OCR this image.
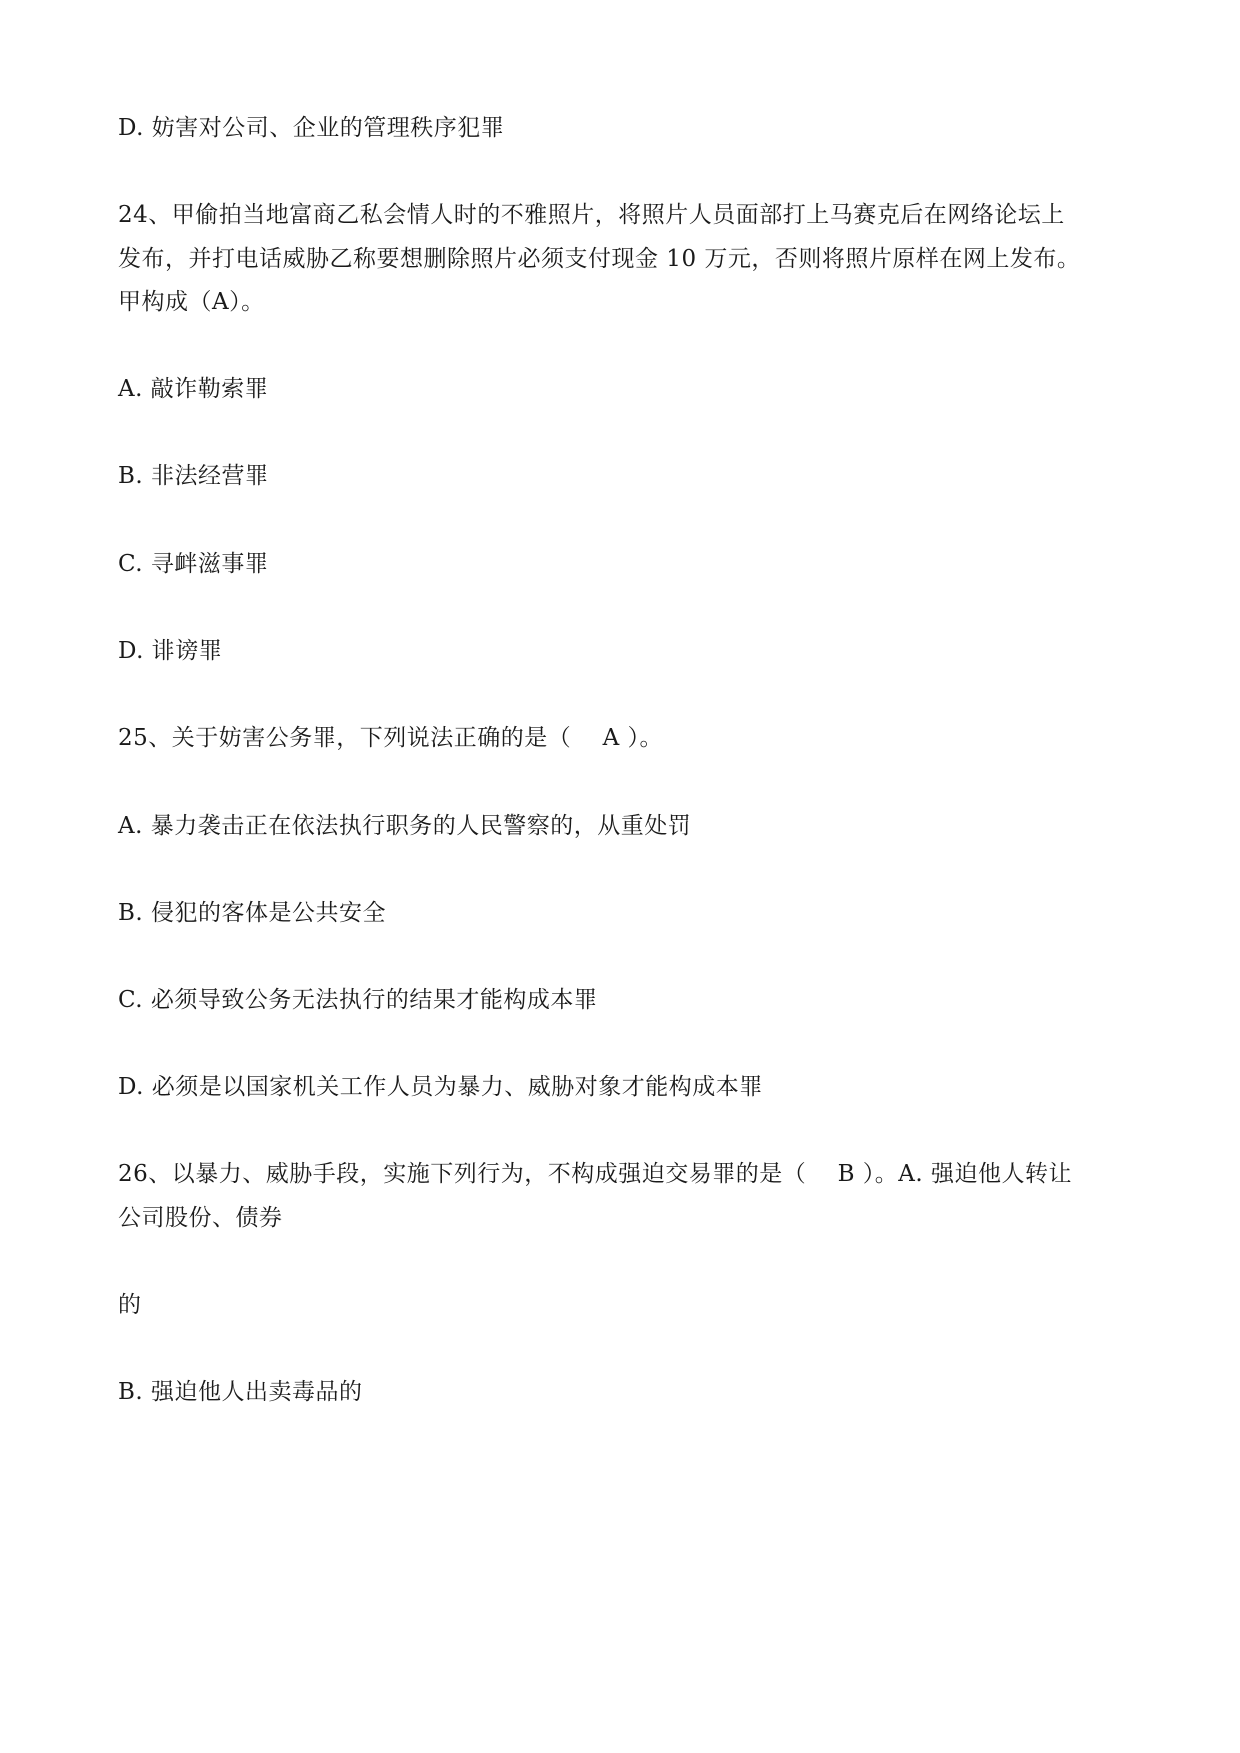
D. 妨害对公司、企业的管理秩序犯罪
24、甲偷拍当地富商乙私会情人时的不雅照片，将照片人员面部打上马赛克后在网络论坛上
发布，并打电话威胁乙称要想删除照片必须支付现金 10 万元，否则将照片原样在网上发布。
甲构成（A）。
A. 敲诈勒索罪
B. 非法经营罪
C. 寻衅滋事罪
D. 诽谤罪
25、关于妨害公务罪，下列说法正确的是（　 A ）。
A. 暴力袭击正在依法执行职务的人民警察的，从重处罚
B. 侵犯的客体是公共安全
C. 必须导致公务无法执行的结果才能构成本罪
D. 必须是以国家机关工作人员为暴力、威胁对象才能构成本罪
26、以暴力、威胁手段，实施下列行为，不构成强迫交易罪的是（　 B ）。A. 强迫他人转让
公司股份、债券
的
B. 强迫他人出卖毒品的
